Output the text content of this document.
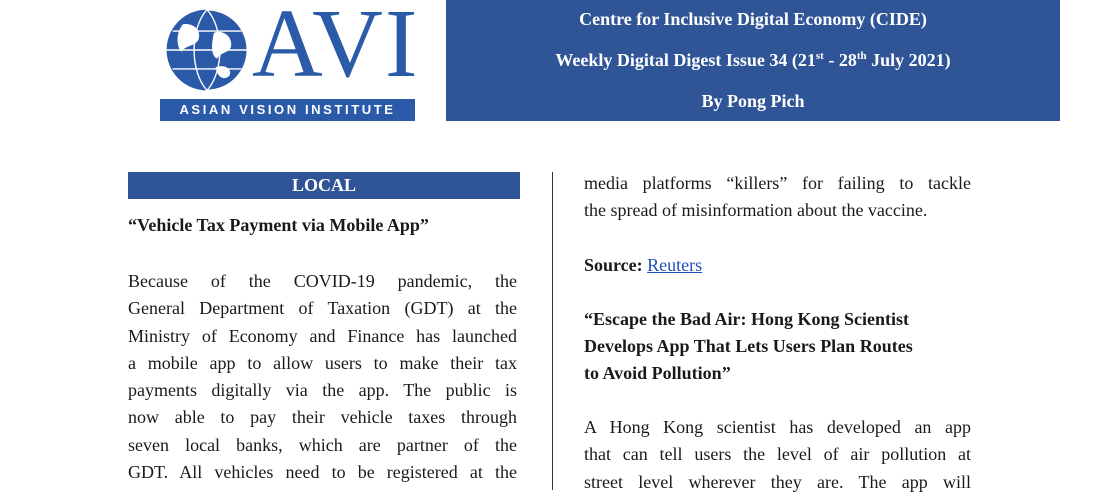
AVI
ASIAN VISION INSTITUTE
Centre for Inclusive Digital Economy (CIDE)
Weekly Digital Digest Issue 34 (21st - 28th July 2021)
By Pong Pich
LOCAL
“Vehicle Tax Payment via Mobile App”
Because of the COVID-19 pandemic, the
General Department of Taxation (GDT) at the
Ministry of Economy and Finance has launched
a mobile app to allow users to make their tax
payments digitally via the app. The public is
now able to pay their vehicle taxes through
seven local banks, which are partner of the
GDT. All vehicles need to be registered at the
media platforms “killers” for failing to tackle
the spread of misinformation about the vaccine.
Source: Reuters
“Escape the Bad Air: Hong Kong Scientist
Develops App That Lets Users Plan Routes
to Avoid Pollution”
A Hong Kong scientist has developed an app
that can tell users the level of air pollution at
street level wherever they are. The app will
